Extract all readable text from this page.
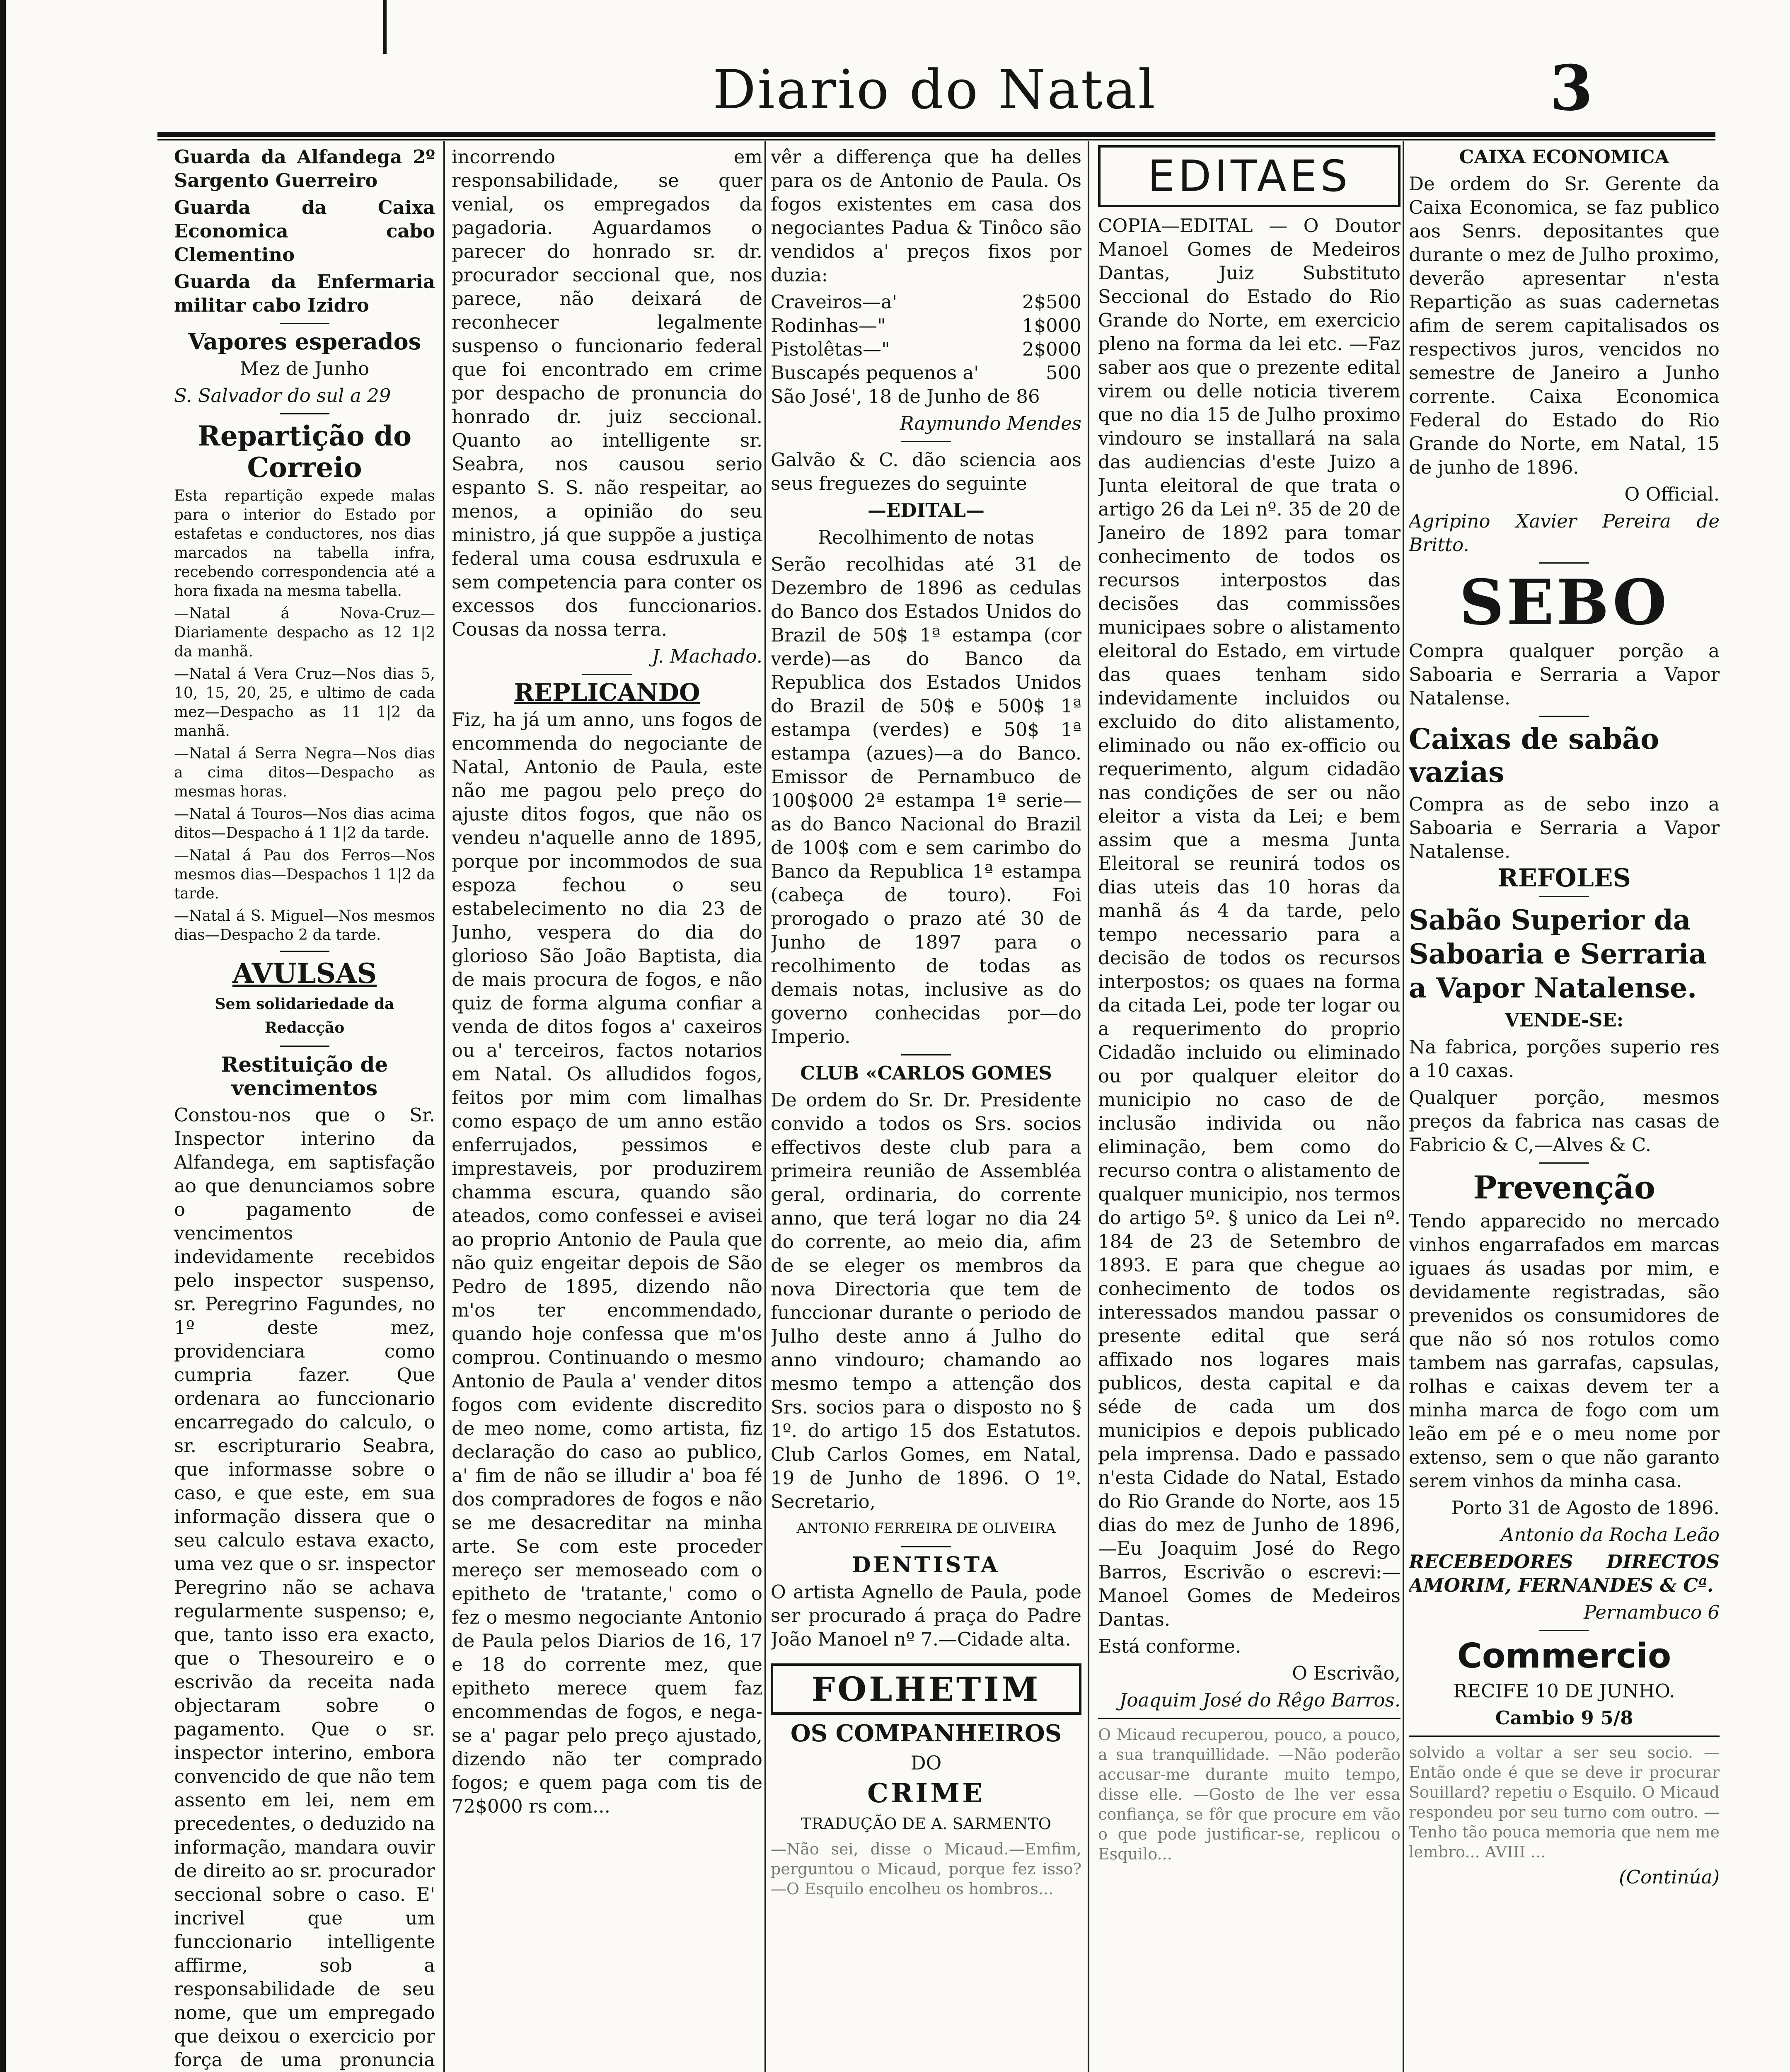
Diario do Natal	3

Guarda da Alfandega 2º Sargento Guerreiro

Guarda da Caixa Economica cabo Clementino

Guarda da Enfermaria militar cabo Izidro

Vapores esperados

Mez de Junho

S. Salvador do sul a 29

Repartição do Correio

Esta repartição expede malas para o interior do Estado por estafetas e conductores, nos dias marcados na tabella infra, recebendo correspondencia até a hora fixada na mesma tabella.

—Natal á Nova-Cruz—Diariamente despacho as 12 1|2 da manhã.

—Natal á Vera Cruz—Nos dias 5, 10, 15, 20, 25, e ultimo de cada mez—Despacho as 11 1|2 da manhã.

—Natal á Serra Negra—Nos dias a cima ditos—Despacho as mesmas horas.

—Natal á Touros—Nos dias acima ditos—Despacho á 1 1|2 da tarde.

—Natal á Pau dos Ferros—Nos mesmos dias—Despachos 1 1|2 da tarde.

—Natal á S. Miguel—Nos mesmos dias—Despacho 2 da tarde.

AVULSAS

Sem solidariedade da Redacção

Restituição de vencimentos

Constou-nos que o Sr. Inspector interino da Alfandega, em saptisfação ao que denunciamos sobre o pagamento de vencimentos indevidamente recebidos pelo inspector suspenso, sr. Peregrino Fagundes, no 1º deste mez, providenciara como cumpria fazer. Que ordenara ao funccionario encarregado do calculo, o sr. escripturario Seabra, que informasse sobre o caso, e que este, em sua informação dissera que o seu calculo estava exacto, uma vez que o sr. inspector Peregrino não se achava regularmente suspenso; e, que, tanto isso era exacto, que o Thesoureiro e o escrivão da receita nada objectaram sobre o pagamento. Que o sr. inspector interino, embora convencido de que não tem assento em lei, nem em precedentes, o deduzido na informação, mandara ouvir de direito ao sr. procurador seccional sobre o caso. E' incrivel que um funccionario intelligente affirme, sob a responsabilidade de seu nome, que um empregado que deixou o exercicio por força de uma pronuncia

incorrendo em responsabilidade, se quer venial, os empregados da pagadoria. Aguardamos o parecer do honrado sr. dr. procurador seccional que, nos parece, não deixará de reconhecer legalmente suspenso o funcionario federal que foi encontrado em crime por despacho de pronuncia do honrado dr. juiz seccional. Quanto ao intelligente sr. Seabra, nos causou serio espanto S. S. não respeitar, ao menos, a opinião do seu ministro, já que suppõe a justiça federal uma cousa esdruxula e sem competencia para conter os excessos dos funccionarios. Cousas da nossa terra.

J. Machado.

REPLICANDO

Fiz, ha já um anno, uns fogos de encommenda do negociante de Natal, Antonio de Paula, este não me pagou pelo preço do ajuste ditos fogos, que não os vendeu n'aquelle anno de 1895, porque por incommodos de sua espoza fechou o seu estabelecimento no dia 23 de Junho, vespera do dia do glorioso São João Baptista, dia de mais procura de fogos, e não quiz de forma alguma confiar a venda de ditos fogos a' caxeiros ou a' terceiros, factos notarios em Natal. Os alludidos fogos, feitos por mim com limalhas como espaço de um anno estão enferrujados, pessimos e imprestaveis, por produzirem chamma escura, quando são ateados, como confessei e avisei ao proprio Antonio de Paula que não quiz engeitar depois de São Pedro de 1895, dizendo não m'os ter encommendado, quando hoje confessa que m'os comprou. Continuando o mesmo Antonio de Paula a' vender ditos fogos com evidente discredito de meo nome, como artista, fiz declaração do caso ao publico, a' fim de não se illudir a' boa fé dos compradores de fogos e não se me desacreditar na minha arte. Se com este proceder mereço ser memoseado com o epitheto de 'tratante,' como o fez o mesmo negociante Antonio de Paula pelos Diarios de 16, 17 e 18 do corrente mez, que epitheto merece quem faz encommendas de fogos, e nega-se a' pagar pelo preço ajustado, dizendo não ter comprado fogos; e quem paga com tis de 72$000 rs com...

vêr a differença que ha delles para os de Antonio de Paula. Os fogos existentes em casa dos negociantes Padua & Tinôco são vendidos a' preços fixos por duzia:

Craveiros—a'	2$500
Rodinhas—"	1$000
Pistolêtas—"	2$000
Buscapés pequenos a'	500

São José', 18 de Junho de 86

Raymundo Mendes

Galvão & C. dão sciencia aos seus freguezes do seguinte

—EDITAL—

Recolhimento de notas

Serão recolhidas até 31 de Dezembro de 1896 as cedulas do Banco dos Estados Unidos do Brazil de 50$ 1ª estampa (cor verde)—as do Banco da Republica dos Estados Unidos do Brazil de 50$ e 500$ 1ª estampa (verdes) e 50$ 1ª estampa (azues)—a do Banco. Emissor de Pernambuco de 100$000 2ª estampa 1ª serie—as do Banco Nacional do Brazil de 100$ com e sem carimbo do Banco da Republica 1ª estampa (cabeça de touro). Foi prorogado o prazo até 30 de Junho de 1897 para o recolhimento de todas as demais notas, inclusive as do governo conhecidas por—do Imperio.

CLUB «CARLOS GOMES

De ordem do Sr. Dr. Presidente convido a todos os Srs. socios effectivos deste club para a primeira reunião de Assembléa geral, ordinaria, do corrente anno, que terá logar no dia 24 do corrente, ao meio dia, afim de se eleger os membros da nova Directoria que tem de funccionar durante o periodo de Julho deste anno á Julho do anno vindouro; chamando ao mesmo tempo a attenção dos Srs. socios para o disposto no § 1º. do artigo 15 dos Estatutos. Club Carlos Gomes, em Natal, 19 de Junho de 1896. O 1º. Secretario,

ANTONIO FERREIRA DE OLIVEIRA

DENTISTA

O artista Agnello de Paula, pode ser procurado á praça do Padre João Manoel nº 7.—Cidade alta.

FOLHETIM

OS COMPANHEIROS

DO

CRIME

TRADUÇÃO DE A. SARMENTO

—Não sei, disse o Micaud.—Emfim, perguntou o Micaud, porque fez isso? —O Esquilo encolheu os hombros...

EDITAES

COPIA—EDITAL — O Doutor Manoel Gomes de Medeiros Dantas, Juiz Substituto Seccional do Estado do Rio Grande do Norte, em exercicio pleno na forma da lei etc. —Faz saber aos que o prezente edital virem ou delle noticia tiverem que no dia 15 de Julho proximo vindouro se installará na sala das audiencias d'este Juizo a Junta eleitoral de que trata o artigo 26 da Lei nº. 35 de 20 de Janeiro de 1892 para tomar conhecimento de todos os recursos interpostos das decisões das commissões municipaes sobre o alistamento eleitoral do Estado, em virtude das quaes tenham sido indevidamente incluidos ou excluido do dito alistamento, eliminado ou não ex-officio ou requerimento, algum cidadão nas condições de ser ou não eleitor a vista da Lei; e bem assim que a mesma Junta Eleitoral se reunirá todos os dias uteis das 10 horas da manhã ás 4 da tarde, pelo tempo necessario para a decisão de todos os recursos interpostos; os quaes na forma da citada Lei, pode ter logar ou a requerimento do proprio Cidadão incluido ou eliminado ou por qualquer eleitor do municipio no caso de de inclusão individa ou não eliminação, bem como do recurso contra o alistamento de qualquer municipio, nos termos do artigo 5º. § unico da Lei nº. 184 de 23 de Setembro de 1893. E para que chegue ao conhecimento de todos os interessados mandou passar o presente edital que será affixado nos logares mais publicos, desta capital e da séde de cada um dos municipios e depois publicado pela imprensa. Dado e passado n'esta Cidade do Natal, Estado do Rio Grande do Norte, aos 15 dias do mez de Junho de 1896,—Eu Joaquim José do Rego Barros, Escrivão o escrevi:—Manoel Gomes de Medeiros Dantas.

Está conforme.

O Escrivão,

Joaquim José do Rêgo Barros.

O Micaud recuperou, pouco, a pouco, a sua tranquillidade. —Não poderão accusar-me durante muito tempo, disse elle. —Gosto de lhe ver essa confiança, se fôr que procure em vão o que pode justificar-se, replicou o Esquilo...

CAIXA ECONOMICA

De ordem do Sr. Gerente da Caixa Economica, se faz publico aos Senrs. depositantes que durante o mez de Julho proximo, deverão apresentar n'esta Repartição as suas cadernetas afim de serem capitalisados os respectivos juros, vencidos no semestre de Janeiro a Junho corrente. Caixa Economica Federal do Estado do Rio Grande do Norte, em Natal, 15 de junho de 1896.

O Official.

Agripino Xavier Pereira de Britto.

SEBO

Compra qualquer porção a Saboaria e Serraria a Vapor Natalense.

Caixas de sabão vazias

Compra as de sebo inzo a Saboaria e Serraria a Vapor Natalense.

REFOLES

Sabão Superior da Saboaria e Serraria a Vapor Natalense.

VENDE-SE:

Na fabrica, porções superio res a 10 caxas.

Qualquer porção, mesmos preços da fabrica nas casas de Fabricio & C,—Alves & C.

Prevenção

Tendo apparecido no mercado vinhos engarrafados em marcas iguaes ás usadas por mim, e devidamente registradas, são prevenidos os consumidores de que não só nos rotulos como tambem nas garrafas, capsulas, rolhas e caixas devem ter a minha marca de fogo com um leão em pé e o meu nome por extenso, sem o que não garanto serem vinhos da minha casa.

Porto 31 de Agosto de 1896.

Antonio da Rocha Leão

RECEBEDORES DIRECTOS AMORIM, FERNANDES & Cª.

Pernambuco 6

Commercio

RECIFE 10 DE JUNHO.

Cambio 9 5/8

solvido a voltar a ser seu socio. —Então onde é que se deve ir procurar Souillard? repetiu o Esquilo. O Micaud respondeu por seu turno com outro. —Tenho tão pouca memoria que nem me lembro... AVIII ...

(Continúa)
